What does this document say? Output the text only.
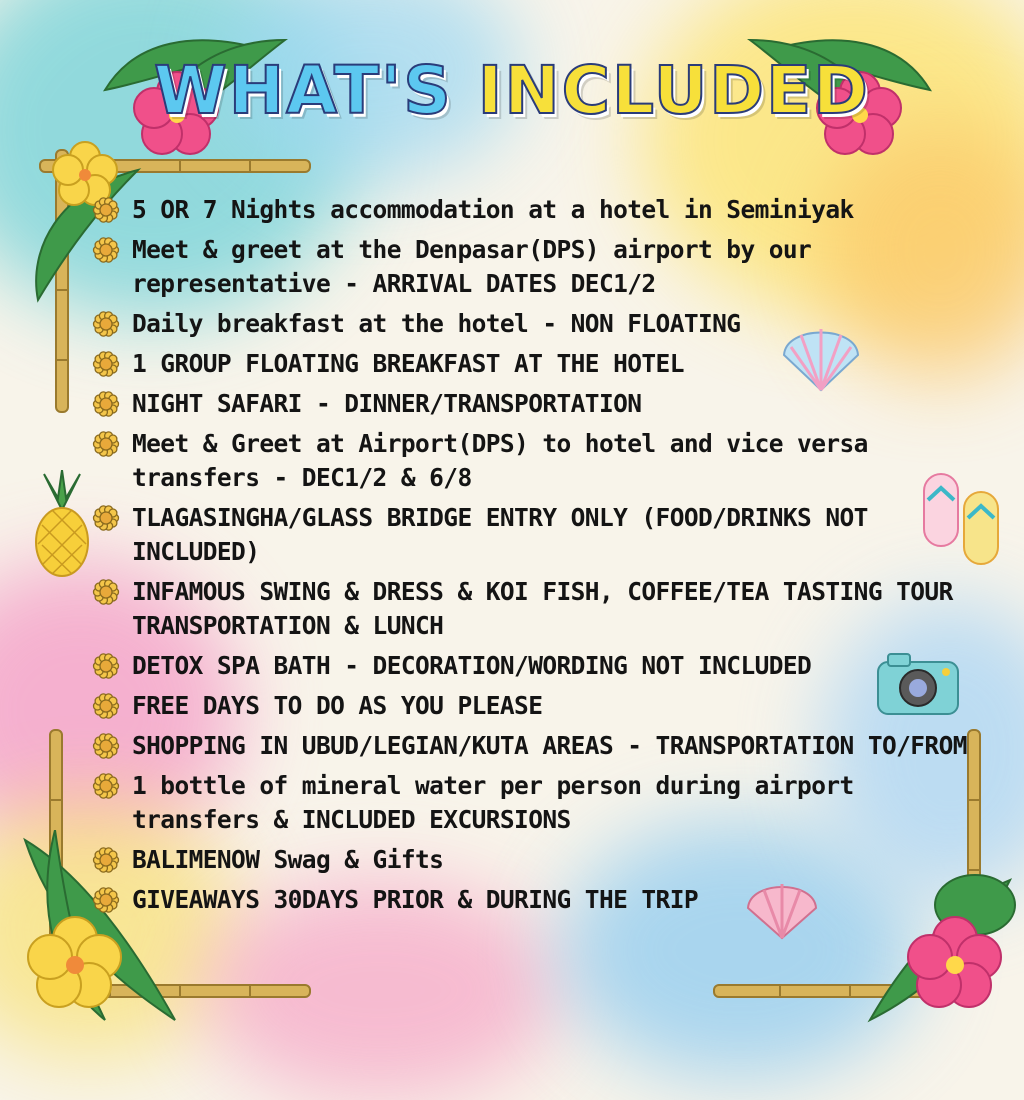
WHAT'S INCLUDED
5 OR 7 Nights accommodation at a hotel in Seminiyak
Meet & greet at the Denpasar(DPS) airport by our representative - ARRIVAL DATES DEC1/2
Daily breakfast at the hotel - NON FLOATING
1 GROUP FLOATING BREAKFAST AT THE HOTEL
NIGHT SAFARI - DINNER/TRANSPORTATION
Meet & Greet at Airport(DPS) to hotel and vice versa transfers - DEC1/2 & 6/8
TLAGASINGHA/GLASS BRIDGE ENTRY ONLY (FOOD/DRINKS NOT INCLUDED)
INFAMOUS SWING & DRESS & KOI FISH, COFFEE/TEA TASTING TOUR TRANSPORTATION & LUNCH
DETOX SPA BATH - DECORATION/WORDING NOT INCLUDED
FREE DAYS TO DO AS YOU PLEASE
SHOPPING IN UBUD/LEGIAN/KUTA AREAS - TRANSPORTATION TO/FROM
1 bottle of mineral water per person during airport transfers & INCLUDED EXCURSIONS
BALIMENOW Swag & Gifts
GIVEAWAYS 30DAYS PRIOR & DURING THE TRIP
